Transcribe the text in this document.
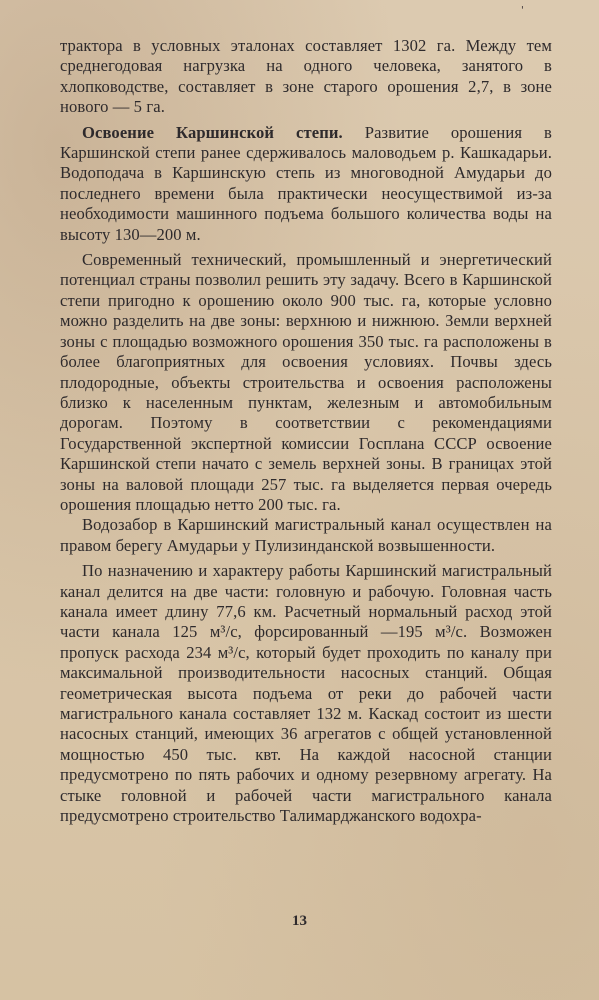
'

трактора в условных эталонах составляет 1302 га. Между тем среднегодовая нагрузка на одного человека, занятого в хлопководстве, составляет в зоне старого орошения 2,7, в зоне нового — 5 га.

Освоение Каршинской степи. Развитие орошения в Каршинской степи ранее сдерживалось маловодьем р. Кашкадарьи. Водоподача в Каршинскую степь из многоводной Амударьи до последнего времени была практически неосуществимой из-за необходимости машинного подъема большого количества воды на высоту 130—200 м.

Современный технический, промышленный и энергетический потенциал страны позволил решить эту задачу. Всего в Каршинской степи пригодно к орошению около 900 тыс. га, которые условно можно разделить на две зоны: верхнюю и нижнюю. Земли верхней зоны с площадью возможного орошения 350 тыс. га расположены в более благоприятных для освоения условиях. Почвы здесь плодородные, объекты строительства и освоения расположены близко к населенным пунктам, железным и автомобильным дорогам. Поэтому в соответствии с рекомендациями Государственной экспертной комиссии Госплана СССР освоение Каршинской степи начато с земель верхней зоны. В границах этой зоны на валовой площади 257 тыс. га выделяется первая очередь орошения площадью нетто 200 тыс. га.

Водозабор в Каршинский магистральный канал осуществлен на правом берегу Амударьи у Пулизинданской возвышенности.

По назначению и характеру работы Каршинский магистральный канал делится на две части: головную и рабочую. Головная часть канала имеет длину 77,6 км. Расчетный нормальный расход этой части канала 125 м³/с, форсированный —195 м³/с. Возможен пропуск расхода 234 м³/с, который будет проходить по каналу при максимальной производительности насосных станций. Общая геометрическая высота подъема от реки до рабочей части магистрального канала составляет 132 м. Каскад состоит из шести насосных станций, имеющих 36 агрегатов с общей установленной мощностью 450 тыс. квт. На каждой насосной станции предусмотрено по пять рабочих и одному резервному агрегату. На стыке головной и рабочей части магистрального канала предусмотрено строительство Талимарджанского водохра-

13
